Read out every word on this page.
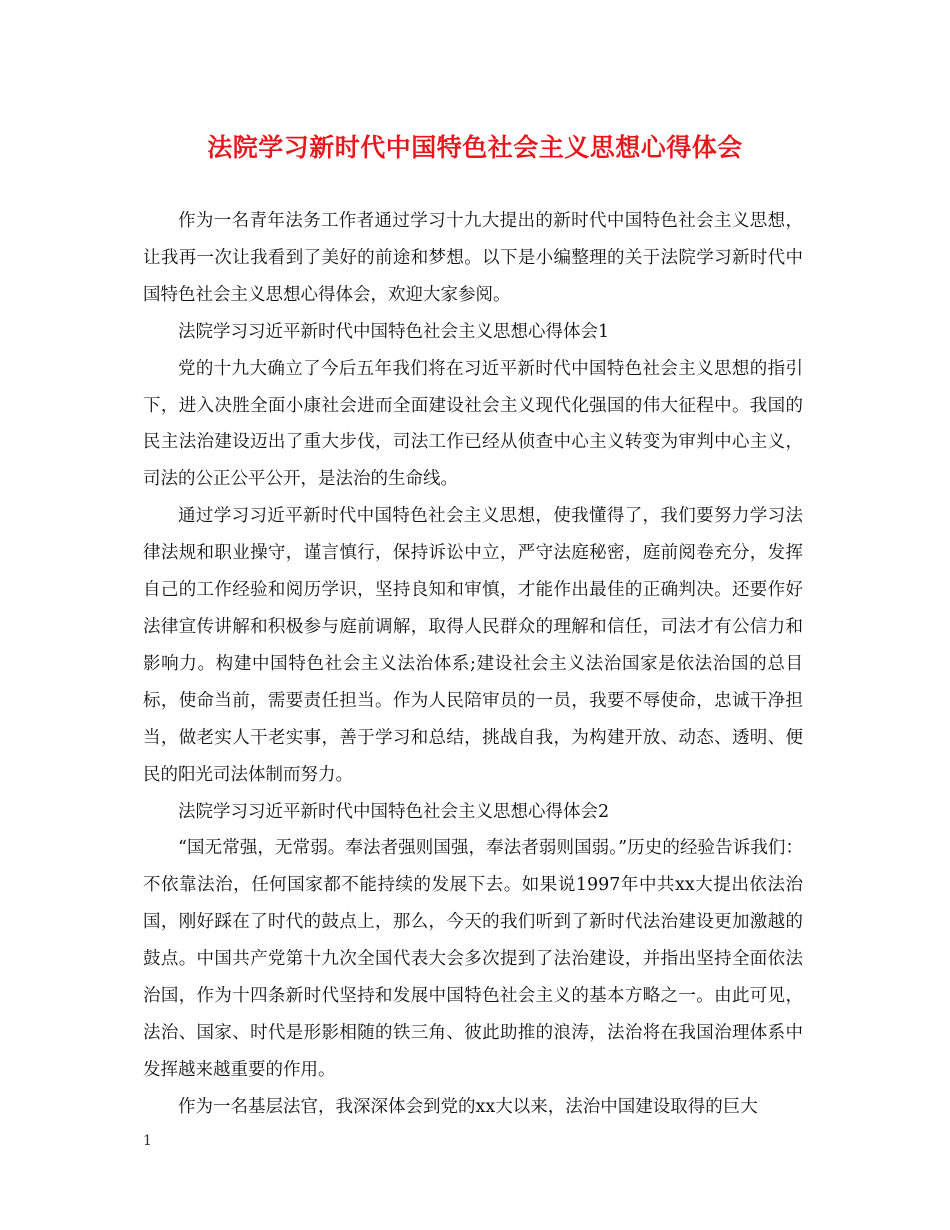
法院学习新时代中国特色社会主义思想心得体会

作为一名青年法务工作者通过学习十九大提出的新时代中国特色社会主义思想，让我再一次让我看到了美好的前途和梦想。以下是小编整理的关于法院学习新时代中国特色社会主义思想心得体会，欢迎大家参阅。

法院学习习近平新时代中国特色社会主义思想心得体会1

党的十九大确立了今后五年我们将在习近平新时代中国特色社会主义思想的指引下，进入决胜全面小康社会进而全面建设社会主义现代化强国的伟大征程中。我国的民主法治建设迈出了重大步伐，司法工作已经从侦查中心主义转变为审判中心主义，司法的公正公平公开，是法治的生命线。

通过学习习近平新时代中国特色社会主义思想，使我懂得了，我们要努力学习法律法规和职业操守，谨言慎行，保持诉讼中立，严守法庭秘密，庭前阅卷充分，发挥自己的工作经验和阅历学识，坚持良知和审慎，才能作出最佳的正确判决。还要作好法律宣传讲解和积极参与庭前调解，取得人民群众的理解和信任，司法才有公信力和影响力。构建中国特色社会主义法治体系;建设社会主义法治国家是依法治国的总目标，使命当前，需要责任担当。作为人民陪审员的一员，我要不辱使命，忠诚干净担当，做老实人干老实事，善于学习和总结，挑战自我，为构建开放、动态、透明、便民的阳光司法体制而努力。

法院学习习近平新时代中国特色社会主义思想心得体会2

“国无常强，无常弱。奉法者强则国强，奉法者弱则国弱。”历史的经验告诉我们：不依靠法治，任何国家都不能持续的发展下去。如果说1997年中共xx大提出依法治国，刚好踩在了时代的鼓点上，那么，今天的我们听到了新时代法治建设更加激越的鼓点。中国共产党第十九次全国代表大会多次提到了法治建设，并指出坚持全面依法治国，作为十四条新时代坚持和发展中国特色社会主义的基本方略之一。由此可见，法治、国家、时代是形影相随的铁三角、彼此助推的浪涛，法治将在我国治理体系中发挥越来越重要的作用。

作为一名基层法官，我深深体会到党的xx大以来，法治中国建设取得的巨大

1
